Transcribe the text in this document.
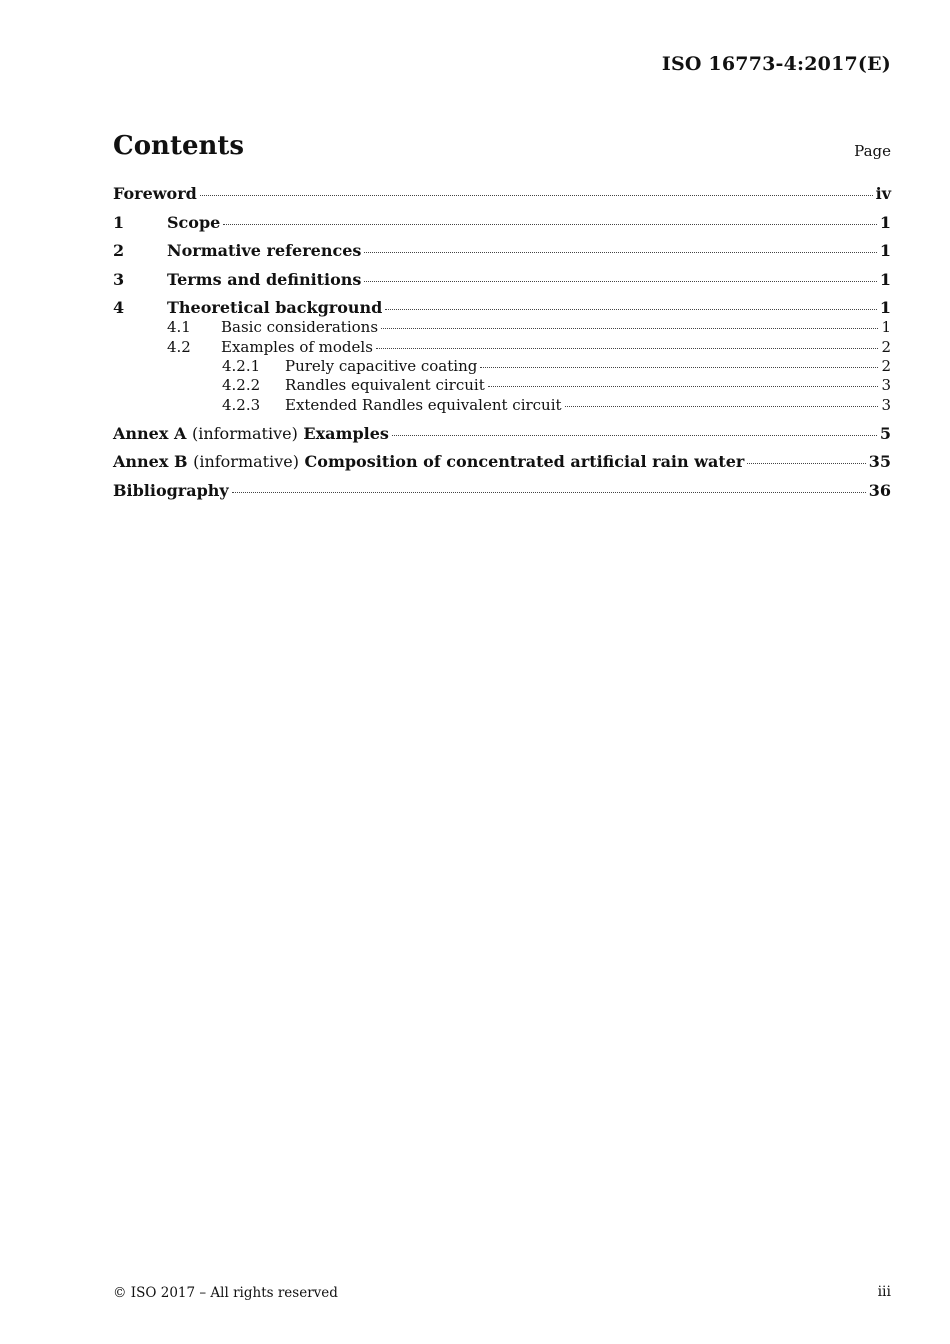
ISO 16773-4:2017(E)
Contents	Page
Foreword	iv
1	Scope	1
2	Normative references	1
3	Terms and definitions	1
4	Theoretical background	1
4.1	Basic considerations	1
4.2	Examples of models	2
4.2.1	Purely capacitive coating	2
4.2.2	Randles equivalent circuit	3
4.2.3	Extended Randles equivalent circuit	3
Annex A (informative) Examples	5
Annex B (informative) Composition of concentrated artificial rain water	35
Bibliography	36
© ISO 2017 – All rights reserved	iii
